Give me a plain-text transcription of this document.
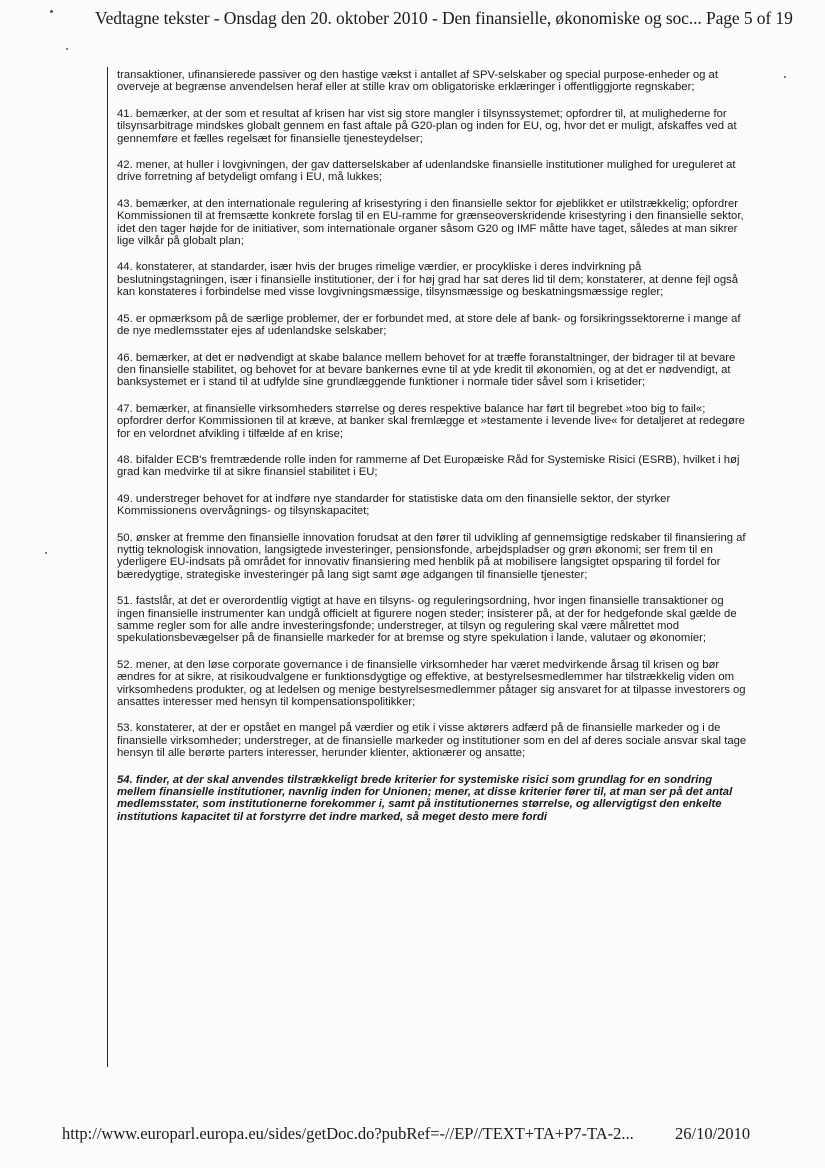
Vedtagne tekster - Onsdag den 20. oktober 2010 - Den finansielle, økonomiske og soc... Page 5 of 19

transaktioner, ufinansierede passiver og den hastige vækst i antallet af SPV-selskaber og special purpose-enheder og at overveje at begrænse anvendelsen heraf eller at stille krav om obligatoriske erklæringer i offentliggjorte regnskaber;

41. bemærker, at der som et resultat af krisen har vist sig store mangler i tilsynssystemet; opfordrer til, at mulighederne for tilsynsarbitrage mindskes globalt gennem en fast aftale på G20-plan og inden for EU, og, hvor det er muligt, afskaffes ved at gennemføre et fælles regelsæt for finansielle tjenesteydelser;

42. mener, at huller i lovgivningen, der gav datterselskaber af udenlandske finansielle institutioner mulighed for ureguleret at drive forretning af betydeligt omfang i EU, må lukkes;

43. bemærker, at den internationale regulering af krisestyring i den finansielle sektor for øjeblikket er utilstrækkelig; opfordrer Kommissionen til at fremsætte konkrete forslag til en EU-ramme for grænseoverskridende krisestyring i den finansielle sektor, idet den tager højde for de initiativer, som internationale organer såsom G20 og IMF måtte have taget, således at man sikrer lige vilkår på globalt plan;

44. konstaterer, at standarder, især hvis der bruges rimelige værdier, er procykliske i deres indvirkning på beslutningstagningen, især i finansielle institutioner, der i for høj grad har sat deres lid til dem; konstaterer, at denne fejl også kan konstateres i forbindelse med visse lovgivningsmæssige, tilsynsmæssige og beskatningsmæssige regler;

45. er opmærksom på de særlige problemer, der er forbundet med, at store dele af bank- og forsikringssektorerne i mange af de nye medlemsstater ejes af udenlandske selskaber;

46. bemærker, at det er nødvendigt at skabe balance mellem behovet for at træffe foranstaltninger, der bidrager til at bevare den finansielle stabilitet, og behovet for at bevare bankernes evne til at yde kredit til økonomien, og at det er nødvendigt, at banksystemet er i stand til at udfylde sine grundlæggende funktioner i normale tider såvel som i krisetider;

47. bemærker, at finansielle virksomheders størrelse og deres respektive balance har ført til begrebet »too big to fail«; opfordrer derfor Kommissionen til at kræve, at banker skal fremlægge et »testamente i levende live« for detaljeret at redegøre for en velordnet afvikling i tilfælde af en krise;

48. bifalder ECB's fremtrædende rolle inden for rammerne af Det Europæiske Råd for Systemiske Risici (ESRB), hvilket i høj grad kan medvirke til at sikre finansiel stabilitet i EU;

49. understreger behovet for at indføre nye standarder for statistiske data om den finansielle sektor, der styrker Kommissionens overvågnings- og tilsynskapacitet;

50. ønsker at fremme den finansielle innovation forudsat at den fører til udvikling af gennemsigtige redskaber til finansiering af nyttig teknologisk innovation, langsigtede investeringer, pensionsfonde, arbejdspladser og grøn økonomi; ser frem til en yderligere EU-indsats på området for innovativ finansiering med henblik på at mobilisere langsigtet opsparing til fordel for bæredygtige, strategiske investeringer på lang sigt samt øge adgangen til finansielle tjenester;

51. fastslår, at det er overordentlig vigtigt at have en tilsyns- og reguleringsordning, hvor ingen finansielle transaktioner og ingen finansielle instrumenter kan undgå officielt at figurere nogen steder; insisterer på, at der for hedgefonde skal gælde de samme regler som for alle andre investeringsfonde; understreger, at tilsyn og regulering skal være målrettet mod spekulationsbevægelser på de finansielle markeder for at bremse og styre spekulation i lande, valutaer og økonomier;

52. mener, at den løse corporate governance i de finansielle virksomheder har været medvirkende årsag til krisen og bør ændres for at sikre, at risikoudvalgene er funktionsdygtige og effektive, at bestyrelsesmedlemmer har tilstrækkelig viden om virksomhedens produkter, og at ledelsen og menige bestyrelsesmedlemmer påtager sig ansvaret for at tilpasse investorers og ansattes interesser med hensyn til kompensationspolitikker;

53. konstaterer, at der er opstået en mangel på værdier og etik i visse aktørers adfærd på de finansielle markeder og i de finansielle virksomheder; understreger, at de finansielle markeder og institutioner som en del af deres sociale ansvar skal tage hensyn til alle berørte parters interesser, herunder klienter, aktionærer og ansatte;

54. finder, at der skal anvendes tilstrækkeligt brede kriterier for systemiske risici som grundlag for en sondring mellem finansielle institutioner, navnlig inden for Unionen; mener, at disse kriterier fører til, at man ser på det antal medlemsstater, som institutionerne forekommer i, samt på institutionernes størrelse, og allervigtigst den enkelte institutions kapacitet til at forstyrre det indre marked, så meget desto mere fordi

http://www.europarl.europa.eu/sides/getDoc.do?pubRef=-//EP//TEXT+TA+P7-TA-2... 26/10/2010
